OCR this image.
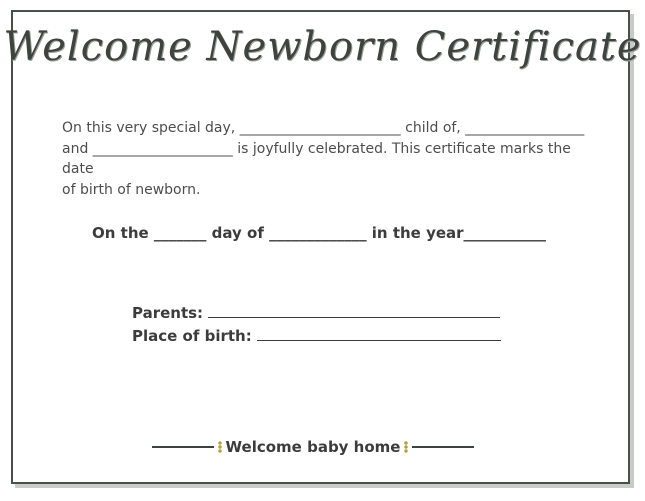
Welcome Newborn Certificate
On this very special day, _______________________ child of, _________________
and ____________________ is joyfully celebrated. This certificate marks the date
of birth of newborn.
On the _______ day of _____________ in the year___________
Parents:
Place of birth:
Welcome baby home
